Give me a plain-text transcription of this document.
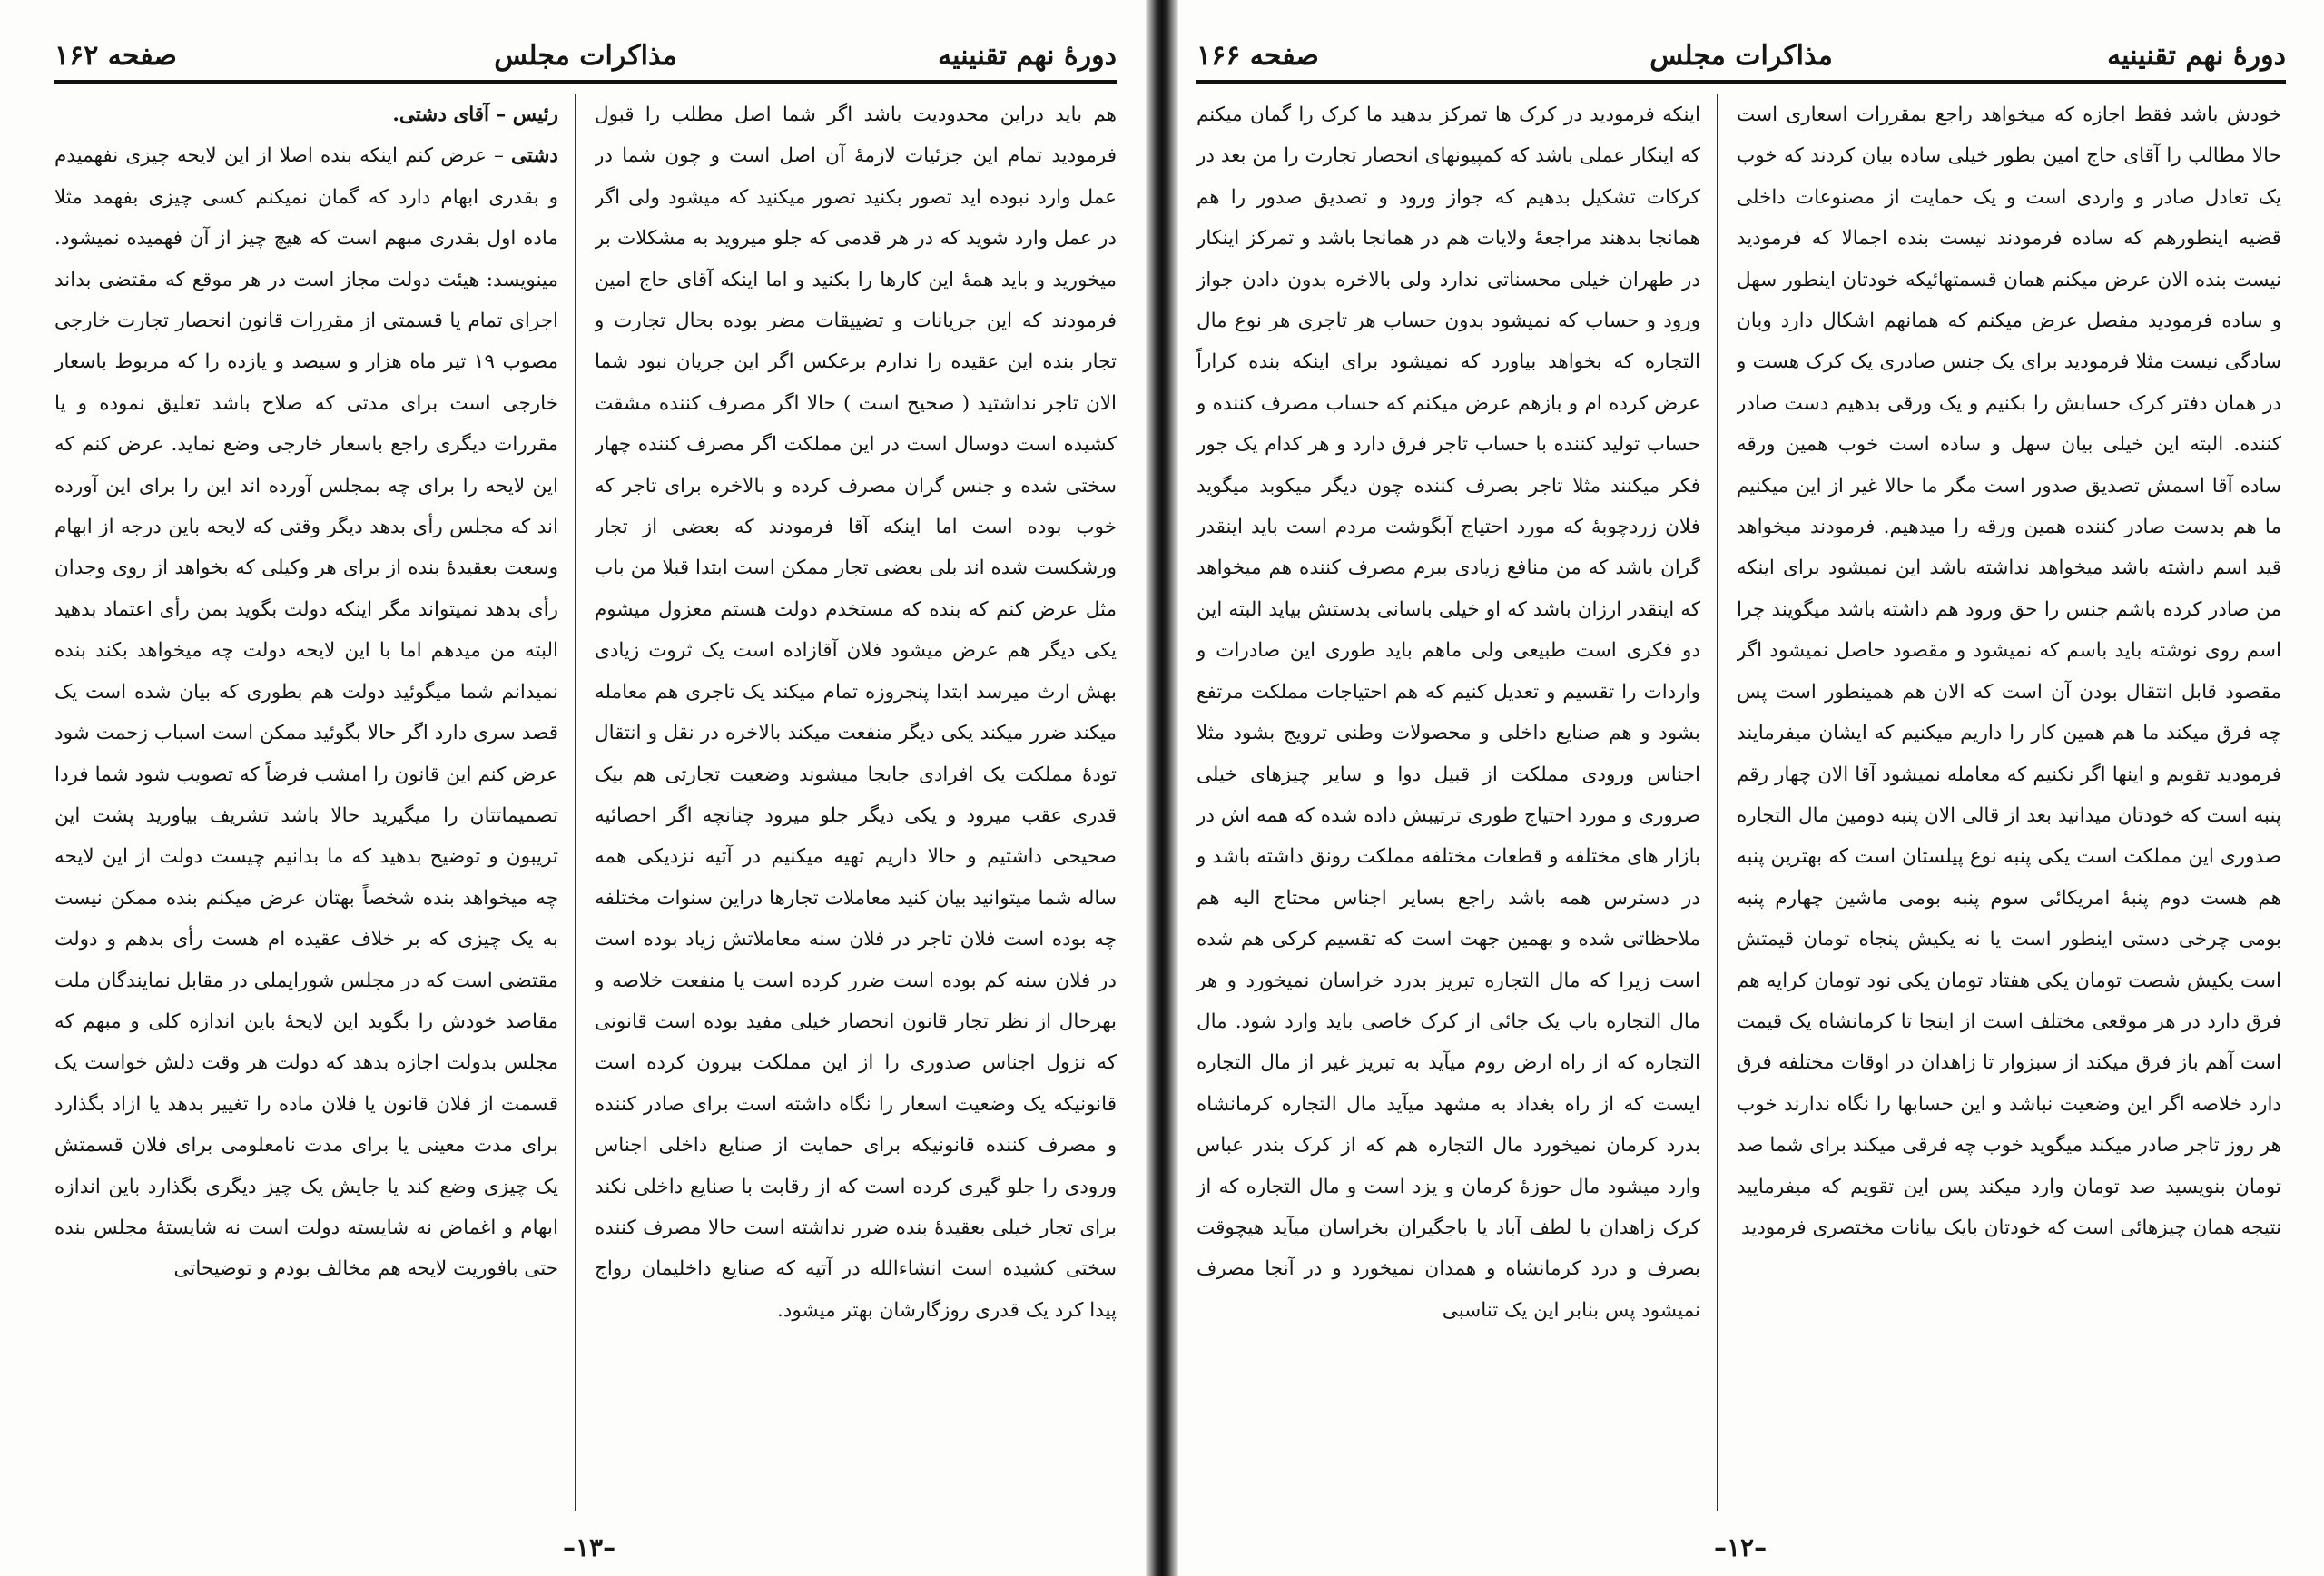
دورهٔ نهم تقنینیه
مذاکرات مجلس
صفحه ۱۶۲

هم باید دراین محدودیت باشد اگر شما اصل مطلب را قبول فرمودید تمام این جزئیات لازمهٔ آن اصل است و چون شما در عمل وارد نبوده اید تصور بکنید تصور میکنید که میشود ولی اگر در عمل وارد شوید که در هر قدمی که جلو میروید به مشکلات بر میخورید و باید همهٔ این کارها را بکنید و اما اینکه آقای حاج امین فرمودند که این جریانات و تضییقات مضر بوده بحال تجارت و تجار بنده این عقیده را ندارم برعکس اگر این جریان نبود شما الان تاجر نداشتید ( صحیح است ) حالا اگر مصرف کننده مشقت کشیده است دوسال است در این مملکت اگر مصرف کننده چهار سختی شده و جنس گران مصرف کرده و بالاخره برای تاجر که خوب بوده است اما اینکه آقا فرمودند که بعضی از تجار ورشکست شده اند بلی بعضی تجار ممکن است ابتدا قبلا من باب مثل عرض کنم که بنده که مستخدم دولت هستم معزول میشوم یکی دیگر هم عرض میشود فلان آقازاده است یک ثروت زیادی بهش ارث میرسد ابتدا پنجروزه تمام میکند یک تاجری هم معامله میکند ضرر میکند یکی دیگر منفعت میکند بالاخره در نقل و انتقال تودهٔ مملکت یک افرادی جابجا میشوند وضعیت تجارتی هم بیک قدری عقب میرود و یکی دیگر جلو میرود چنانچه اگر احصائیه صحیحی داشتیم و حالا داریم تهیه میکنیم در آتیه نزدیکی همه ساله شما میتوانید بیان کنید معاملات تجارها دراین سنوات مختلفه چه بوده است فلان تاجر در فلان سنه معاملاتش زیاد بوده است در فلان سنه کم بوده است ضرر کرده است یا منفعت خلاصه و بهرحال از نظر تجار قانون انحصار خیلی مفید بوده است قانونی که نزول اجناس صدوری را از این مملکت بیرون کرده است قانونیکه یک وضعیت اسعار را نگاه داشته است برای صادر کننده و مصرف کننده قانونیکه برای حمایت از صنایع داخلی اجناس ورودی را جلو گیری کرده است که از رقابت با صنایع داخلی نکند برای تجار خیلی بعقیدهٔ بنده ضرر نداشته است حالا مصرف کننده سختی کشیده است انشاءالله در آتیه که صنایع داخلیمان رواج پیدا کرد یک قدری روزگارشان بهتر میشود.

رئیس – آقای دشتی.

دشتی – عرض کنم اینکه بنده اصلا از این لایحه چیزی نفهمیدم و بقدری ابهام دارد که گمان نمیکنم کسی چیزی بفهمد مثلا ماده اول بقدری مبهم است که هیچ چیز از آن فهمیده نمیشود. مینویسد: هیئت دولت مجاز است در هر موقع که مقتضی بداند اجرای تمام یا قسمتی از مقررات قانون انحصار تجارت خارجی مصوب ۱۹ تیر ماه هزار و سیصد و یازده را که مربوط باسعار خارجی است برای مدتی که صلاح باشد تعلیق نموده و یا مقررات دیگری راجع باسعار خارجی وضع نماید. عرض کنم که این لایحه را برای چه بمجلس آورده اند این را برای این آورده اند که مجلس رأی بدهد دیگر وقتی که لایحه باین درجه از ابهام وسعت بعقیدهٔ بنده از برای هر وکیلی که بخواهد از روی وجدان رأی بدهد نمیتواند مگر اینکه دولت بگوید بمن رأی اعتماد بدهید البته من میدهم اما با این لایحه دولت چه میخواهد بکند بنده نمیدانم شما میگوئید دولت هم بطوری که بیان شده است یک قصد سری دارد اگر حالا بگوئید ممکن است اسباب زحمت شود عرض کنم این قانون را امشب فرضاً که تصویب شود شما فردا تصمیماتتان را میگیرید حالا باشد تشریف بیاورید پشت این تریبون و توضیح بدهید که ما بدانیم چیست دولت از این لایحه چه میخواهد بنده شخصاً بهتان عرض میکنم بنده ممکن نیست به یک چیزی که بر خلاف عقیده ام هست رأی بدهم و دولت مقتضی است که در مجلس شورایملی در مقابل نمایندگان ملت مقاصد خودش را بگوید این لایحهٔ باین اندازه کلی و مبهم که مجلس بدولت اجازه بدهد که دولت هر وقت دلش خواست یک قسمت از فلان قانون یا فلان ماده را تغییر بدهد یا ازاد بگذارد برای مدت معینی یا برای مدت نامعلومی برای فلان قسمتش یک چیزی وضع کند یا جایش یک چیز دیگری بگذارد باین اندازه ابهام و اغماض نه شایسته دولت است نه شایستهٔ مجلس بنده حتی بافوریت لایحه هم مخالف بودم و توضیحاتی

–۱۳–
دورهٔ نهم تقنینیه
مذاکرات مجلس
صفحه ۱۶۶

خودش باشد فقط اجازه که میخواهد راجع بمقررات اسعاری است حالا مطالب را آقای حاج امین بطور خیلی ساده بیان کردند که خوب یک تعادل صادر و واردی است و یک حمایت از مصنوعات داخلی قضیه اینطورهم که ساده فرمودند نیست بنده اجمالا که فرمودید نیست بنده الان عرض میکنم همان قسمتهائیکه خودتان اینطور سهل و ساده فرمودید مفصل عرض میکنم که همانهم اشکال دارد وبان سادگی نیست مثلا فرمودید برای یک جنس صادری یک کرک هست و در همان دفتر کرک حسابش را بکنیم و یک ورقی بدهیم دست صادر کننده. البته این خیلی بیان سهل و ساده است خوب همین ورقه ساده آقا اسمش تصدیق صدور است مگر ما حالا غیر از این میکنیم ما هم بدست صادر کننده همین ورقه را میدهیم. فرمودند میخواهد قید اسم داشته باشد میخواهد نداشته باشد این نمیشود برای اینکه من صادر کرده باشم جنس را حق ورود هم داشته باشد میگویند چرا اسم روی نوشته باید باسم که نمیشود و مقصود حاصل نمیشود اگر مقصود قابل انتقال بودن آن است که الان هم همینطور است پس چه فرق میکند ما هم همین کار را داریم میکنیم که ایشان میفرمایند فرمودید تقویم و اینها اگر نکنیم که معامله نمیشود آقا الان چهار رقم پنبه است که خودتان میدانید بعد از قالی الان پنبه دومین مال التجاره صدوری این مملکت است یکی پنبه نوع پیلستان است که بهترین پنبه هم هست دوم پنبهٔ امریکائی سوم پنبه بومی ماشین چهارم پنبه بومی چرخی دستی اینطور است یا نه یکیش پنجاه تومان قیمتش است یکیش شصت تومان یکی هفتاد تومان یکی نود تومان کرایه هم فرق دارد در هر موقعی مختلف است از اینجا تا کرمانشاه یک قیمت است آهم باز فرق میکند از سبزوار تا زاهدان در اوقات مختلفه فرق دارد خلاصه اگر این وضعیت نباشد و این حسابها را نگاه ندارند خوب هر روز تاجر صادر میکند میگوید خوب چه فرقی میکند برای شما صد تومان بنویسید صد تومان وارد میکند پس این تقویم که میفرمایید نتیجه همان چیزهائی است که خودتان بایک بیانات مختصری فرمودید

اینکه فرمودید در کرک ها تمرکز بدهید ما کرک را گمان میکنم که اینکار عملی باشد که کمپیونهای انحصار تجارت را من بعد در کرکات تشکیل بدهیم که جواز ورود و تصدیق صدور را هم همانجا بدهند مراجعهٔ ولایات هم در همانجا باشد و تمرکز اینکار در طهران خیلی محسناتی ندارد ولی بالاخره بدون دادن جواز ورود و حساب که نمیشود بدون حساب هر تاجری هر نوع مال التجاره که بخواهد بیاورد که نمیشود برای اینکه بنده کراراً عرض کرده ام و بازهم عرض میکنم که حساب مصرف کننده و حساب تولید کننده با حساب تاجر فرق دارد و هر کدام یک جور فکر میکنند مثلا تاجر بصرف کننده چون دیگر میکوبد میگوید فلان زردچوبهٔ که مورد احتیاج آبگوشت مردم است باید اینقدر گران باشد که من منافع زیادی ببرم مصرف کننده هم میخواهد که اینقدر ارزان باشد که او خیلی باسانی بدستش بیاید البته این دو فکری است طبیعی ولی ماهم باید طوری این صادرات و واردات را تقسیم و تعدیل کنیم که هم احتیاجات مملکت مرتفع بشود و هم صنایع داخلی و محصولات وطنی ترویج بشود مثلا اجناس ورودی مملکت از قبیل دوا و سایر چیزهای خیلی ضروری و مورد احتیاج طوری ترتیبش داده شده که همه اش در بازار های مختلفه و قطعات مختلفه مملکت رونق داشته باشد و در دسترس همه باشد راجع بسایر اجناس محتاج الیه هم ملاحظاتی شده و بهمین جهت است که تقسیم کرکی هم شده است زیرا که مال التجاره تبریز بدرد خراسان نمیخورد و هر مال التجاره باب یک جائی از کرک خاصی باید وارد شود. مال التجاره که از راه ارض روم میآید به تبریز غیر از مال التجاره ایست که از راه بغداد به مشهد میآید مال التجاره کرمانشاه بدرد کرمان نمیخورد مال التجاره هم که از کرک بندر عباس وارد میشود مال حوزهٔ کرمان و یزد است و مال التجاره که از کرک زاهدان یا لطف آباد یا باجگیران بخراسان میآید هیچوقت بصرف و درد کرمانشاه و همدان نمیخورد و در آنجا مصرف نمیشود پس بنابر این یک تناسبی

–۱۲–
